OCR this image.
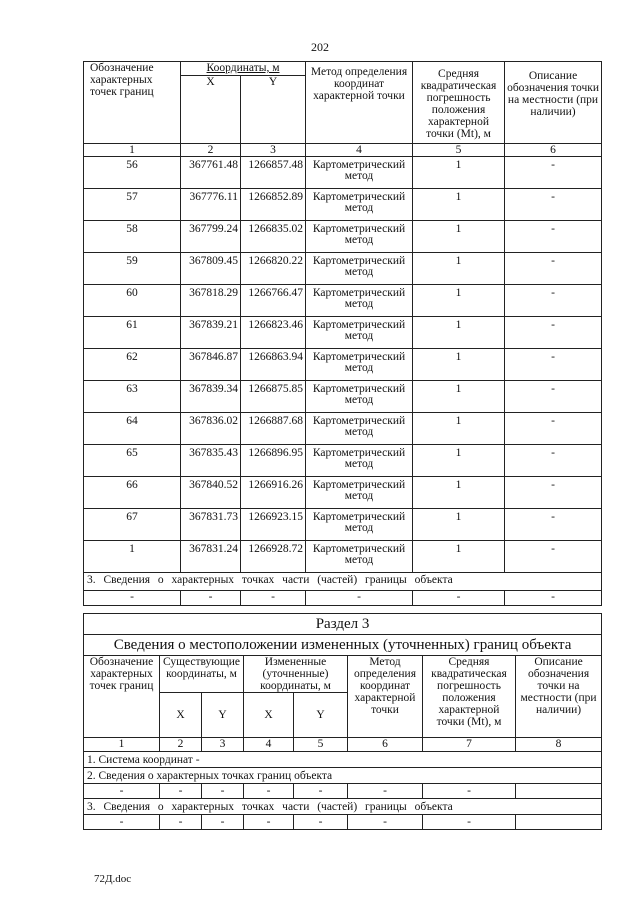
202
Обозначение характерных точек границ	Координаты, м		Метод определения координат характерной точки	Средняя квадратическая погрешность положения характерной точки (Mt), м	Описание обозначения точки на местности (при наличии)
	X	Y			
1	2	3	4	5	6
56	367761.48	1266857.48	Картометрический метод	1	-
57	367776.11	1266852.89	Картометрический метод	1	-
58	367799.24	1266835.02	Картометрический метод	1	-
59	367809.45	1266820.22	Картометрический метод	1	-
60	367818.29	1266766.47	Картометрический метод	1	-
61	367839.21	1266823.46	Картометрический метод	1	-
62	367846.87	1266863.94	Картометрический метод	1	-
63	367839.34	1266875.85	Картометрический метод	1	-
64	367836.02	1266887.68	Картометрический метод	1	-
65	367835.43	1266896.95	Картометрический метод	1	-
66	367840.52	1266916.26	Картометрический метод	1	-
67	367831.73	1266923.15	Картометрический метод	1	-
1	367831.24	1266928.72	Картометрический метод	1	-
3. Сведения о характерных точках части (частей) границы объекта					
-	-	-	-	-	-
Раздел 3							
Сведения о местоположении измененных (уточненных) границ объекта							
Обозначение характерных точек границ	Существующие координаты, м		Измененные (уточненные) координаты, м		Метод определения координат характерной точки	Средняя квадратическая погрешность положения характерной точки (Mt), м	Описание обозначения точки на местности (при наличии)
	X	Y	X	Y			
1	2	3	4	5	6	7	8
1. Система координат -							
2. Сведения о характерных точках границ объекта							
-	-	-	-	-	-	-	
3. Сведения о характерных точках части (частей) границы объекта							
-	-	-	-	-	-	-	
72Д.doc
